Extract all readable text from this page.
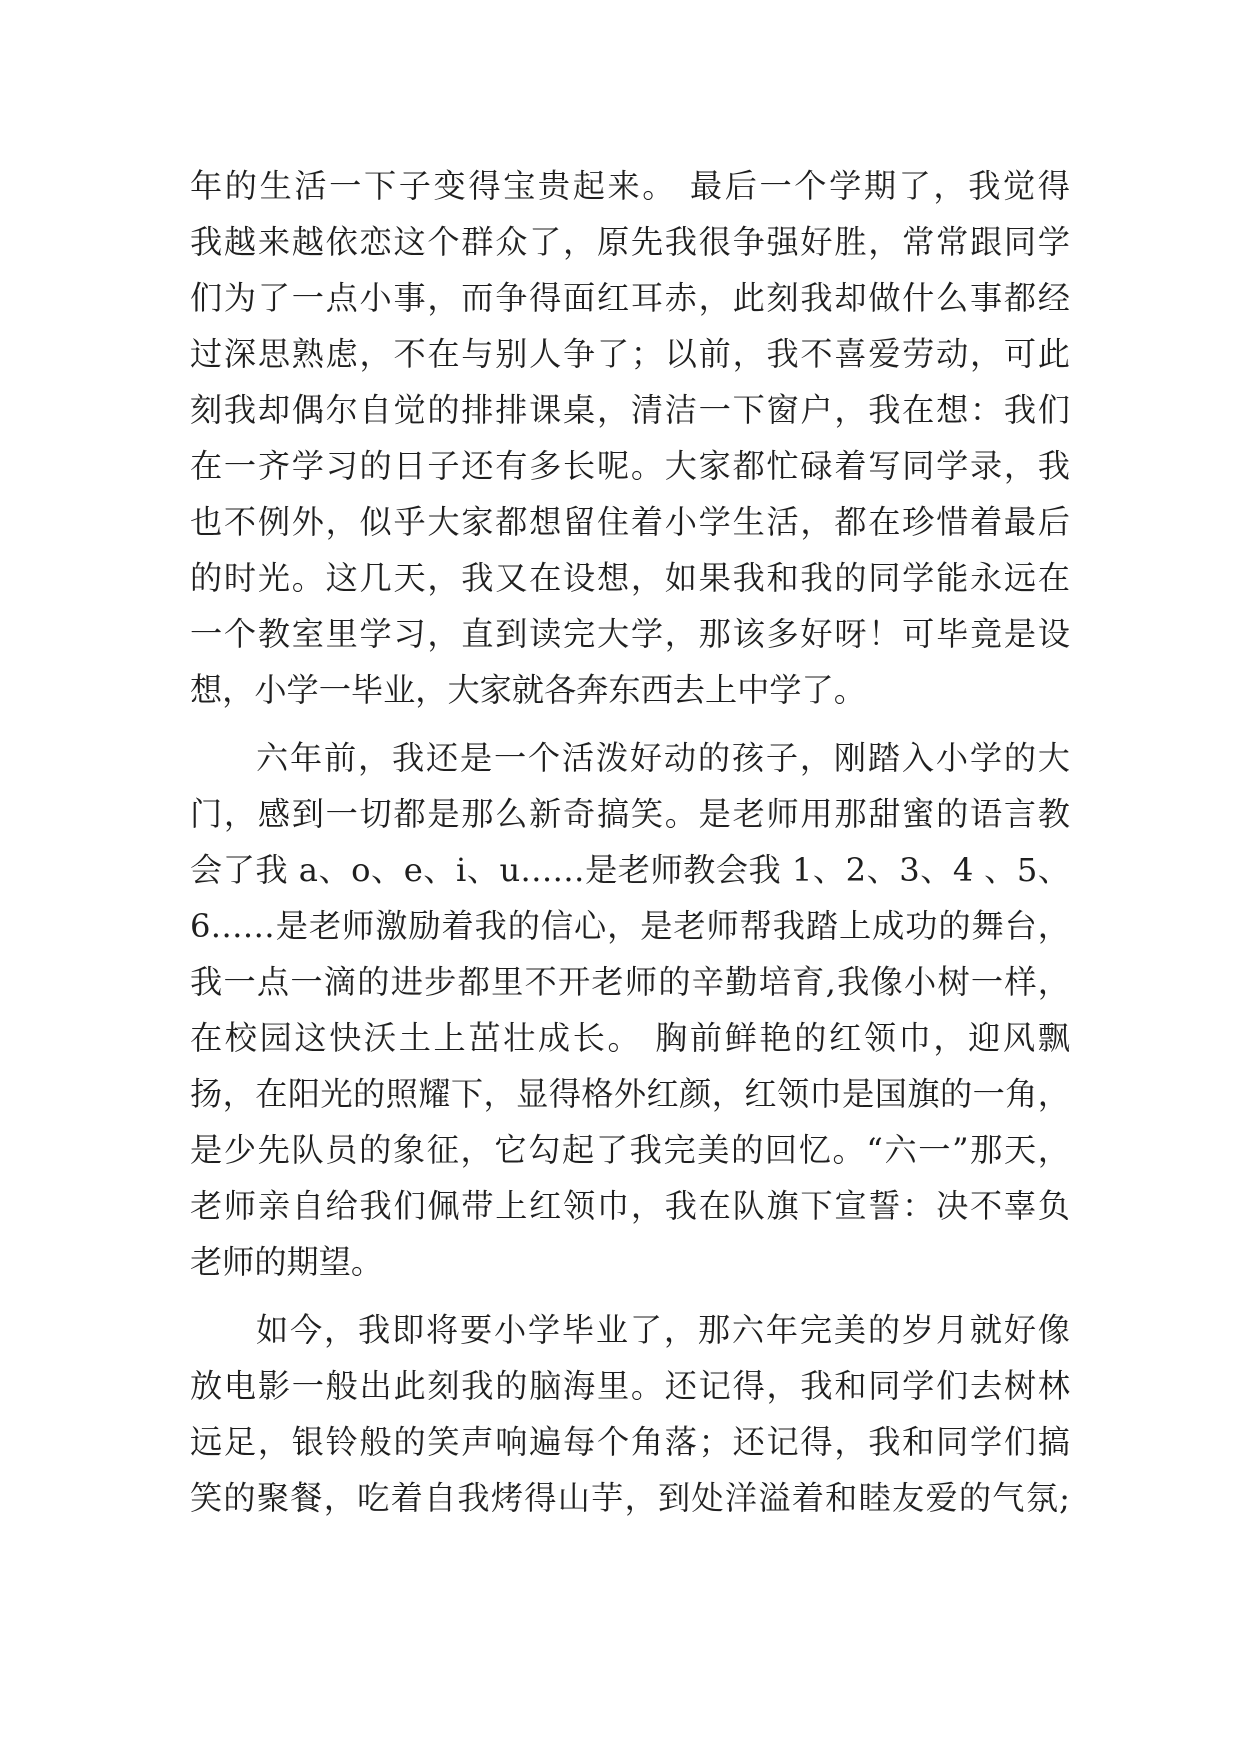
年的生活一下子变得宝贵起来。 最后一个学期了，我觉得
我越来越依恋这个群众了，原先我很争强好胜，常常跟同学
们为了一点小事，而争得面红耳赤，此刻我却做什么事都经
过深思熟虑，不在与别人争了；以前，我不喜爱劳动，可此
刻我却偶尔自觉的排排课桌，清洁一下窗户，我在想：我们
在一齐学习的日子还有多长呢。大家都忙碌着写同学录，我
也不例外，似乎大家都想留住着小学生活，都在珍惜着最后
的时光。这几天，我又在设想，如果我和我的同学能永远在
一个教室里学习，直到读完大学，那该多好呀！可毕竟是设
想，小学一毕业，大家就各奔东西去上中学了。
六年前，我还是一个活泼好动的孩子，刚踏入小学的大
门，感到一切都是那么新奇搞笑。是老师用那甜蜜的语言教
会了我 a、o、e、i、u……是老师教会我 1、2、3、4 、5、
6……是老师激励着我的信心，是老师帮我踏上成功的舞台，
我一点一滴的进步都里不开老师的辛勤培育,我像小树一样，
在校园这快沃土上茁壮成长。 胸前鲜艳的红领巾，迎风飘
扬，在阳光的照耀下，显得格外红颜，红领巾是国旗的一角，
是少先队员的象征，它勾起了我完美的回忆。“六一”那天，
老师亲自给我们佩带上红领巾，我在队旗下宣誓：决不辜负
老师的期望。
如今，我即将要小学毕业了，那六年完美的岁月就好像
放电影一般出此刻我的脑海里。还记得，我和同学们去树林
远足，银铃般的笑声响遍每个角落；还记得，我和同学们搞
笑的聚餐，吃着自我烤得山芋，到处洋溢着和睦友爱的气氛;
